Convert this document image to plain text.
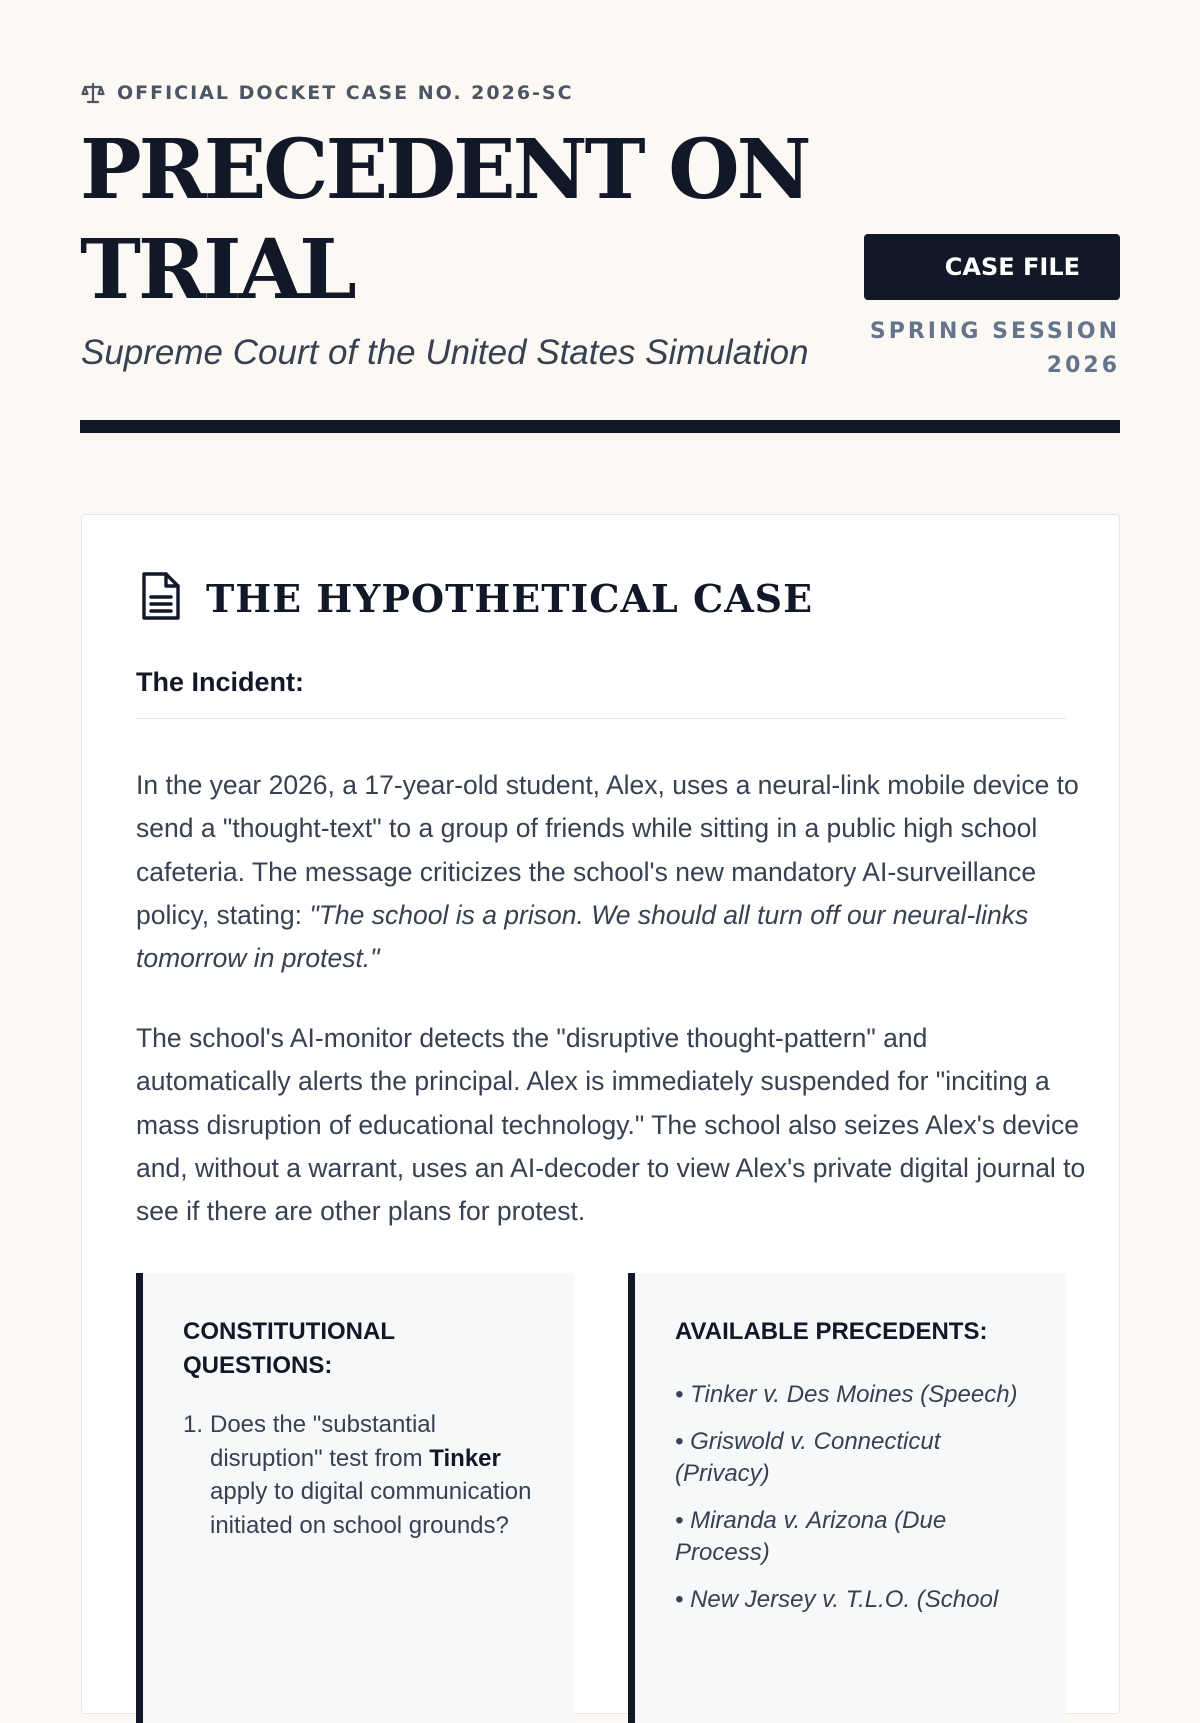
OFFICIAL DOCKET CASE NO. 2026-SC
PRECEDENT ON TRIAL

Supreme Court of the United States Simulation

CASE FILE
SPRING SESSION
2026
THE HYPOTHETICAL CASE
The Incident:

In the year 2026, a 17-year-old student, Alex, uses a neural-link mobile device to send a "thought-text" to a group of friends while sitting in a public high school cafeteria. The message criticizes the school's new mandatory AI-surveillance policy, stating: "The school is a prison. We should all turn off our neural-links tomorrow in protest."

The school's AI-monitor detects the "disruptive thought-pattern" and automatically alerts the principal. Alex is immediately suspended for "inciting a mass disruption of educational technology." The school also seizes Alex's device and, without a warrant, uses an AI-decoder to view Alex's private digital journal to see if there are other plans for protest.

CONSTITUTIONAL QUESTIONS:
1. Does the "substantial disruption" test from Tinker apply to digital communication initiated on school grounds?
AVAILABLE PRECEDENTS:
• Tinker v. Des Moines (Speech)
• Griswold v. Connecticut (Privacy)
• Miranda v. Arizona (Due Process)
• New Jersey v. T.L.O. (School
